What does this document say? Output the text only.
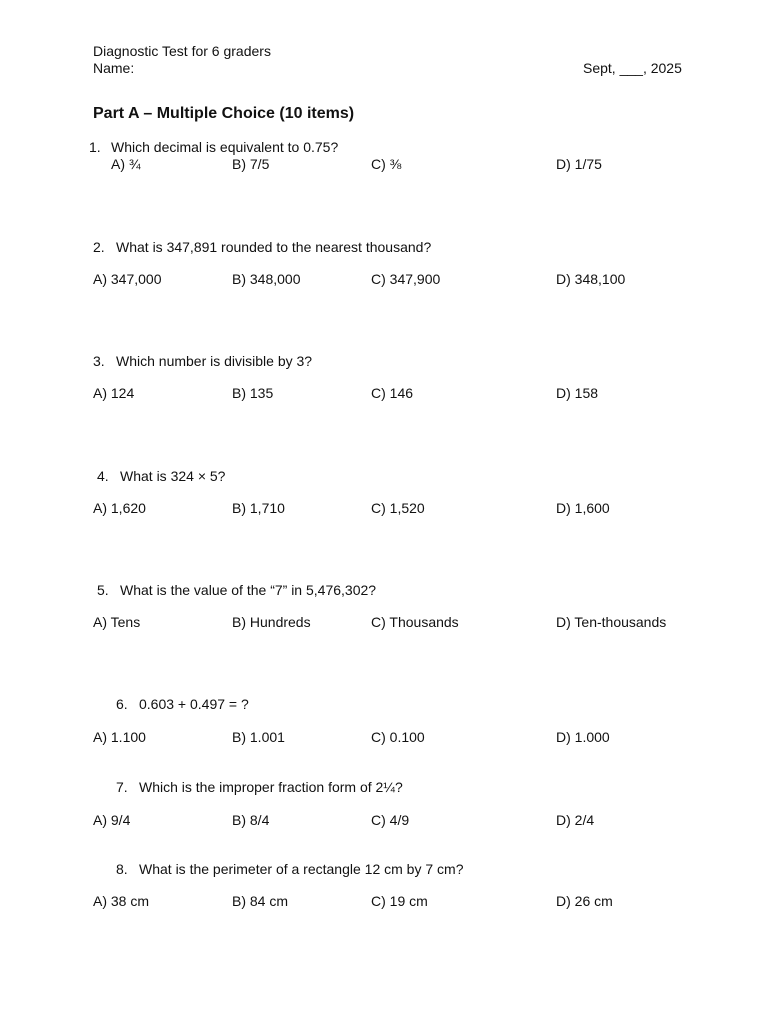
Diagnostic Test for 6 graders
Name:	Sept, ___, 2025
Part A – Multiple Choice (10 items)
1. Which decimal is equivalent to 0.75?
A) ¾	B) 7/5	C) ⅜	D) 1/75
2. What is 347,891 rounded to the nearest thousand?
A) 347,000	B) 348,000	C) 347,900	D) 348,100
3. Which number is divisible by 3?
A) 124	B) 135	C) 146	D) 158
4. What is 324 × 5?
A) 1,620	B) 1,710	C) 1,520	D) 1,600
5. What is the value of the “7” in 5,476,302?
A) Tens	B) Hundreds	C) Thousands	D) Ten-thousands
6. 0.603 + 0.497 = ?
A) 1.100	B) 1.001	C) 0.100	D) 1.000
7. Which is the improper fraction form of 2¼?
A) 9/4	B) 8/4	C) 4/9	D) 2/4
8. What is the perimeter of a rectangle 12 cm by 7 cm?
A) 38 cm	B) 84 cm	C) 19 cm	D) 26 cm
